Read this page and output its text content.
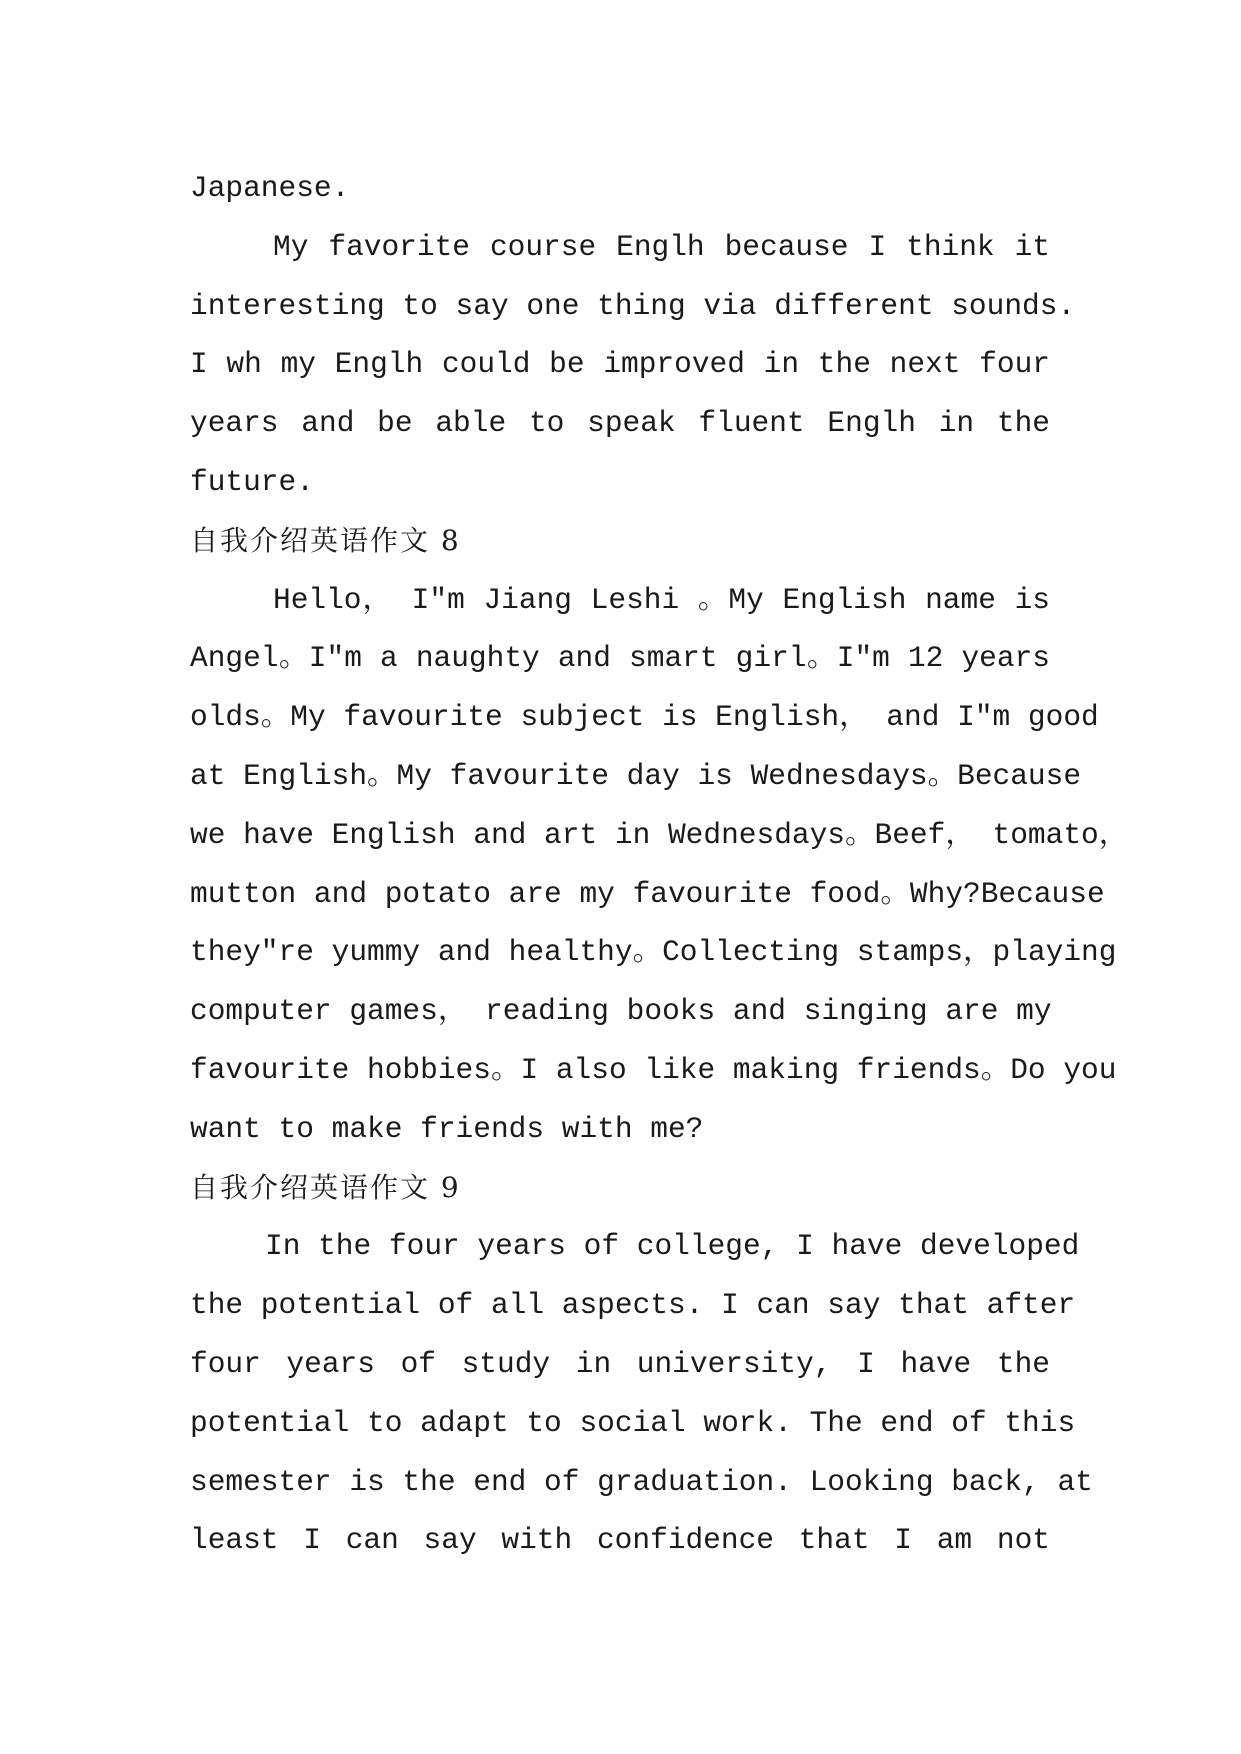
Japanese.
My favorite course Englh because I think it
interesting to say one thing via different sounds.
I wh my Englh could be improved in the next four
years and be able to speak fluent Englh in the
future.
自我介绍英语作文 8
Hello， I"m Jiang Leshi 。My English name is
Angel。I"m a naughty and smart girl。I"m 12 years
olds。My favourite subject is English， and I"m good
at English。My favourite day is Wednesdays。Because
we have English and art in Wednesdays。Beef， tomato，
mutton and potato are my favourite food。Why?Because
they"re yummy and healthy。Collecting stamps，playing
computer games， reading books and singing are my
favourite hobbies。I also like making friends。Do you
want to make friends with me?
自我介绍英语作文 9
In the four years of college, I have developed
the potential of all aspects. I can say that after
four years of study in university, I have the
potential to adapt to social work. The end of this
semester is the end of graduation. Looking back, at
least I can say with confidence that I am not
